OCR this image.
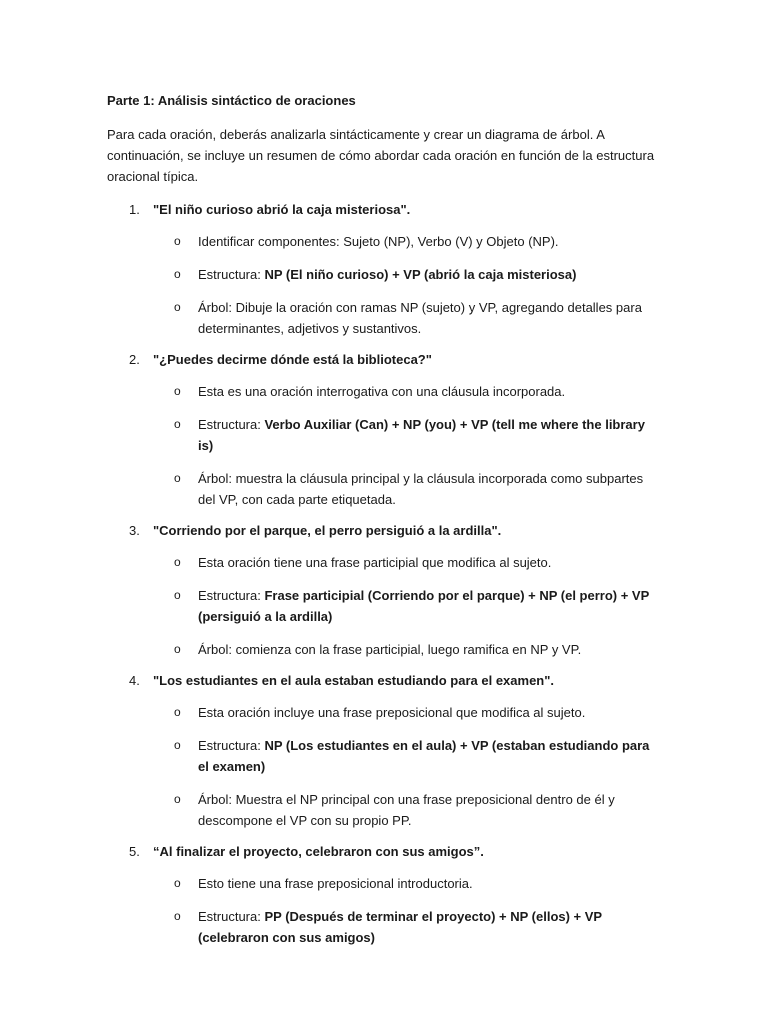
Parte 1: Análisis sintáctico de oraciones
Para cada oración, deberás analizarla sintácticamente y crear un diagrama de árbol. A continuación, se incluye un resumen de cómo abordar cada oración en función de la estructura oracional típica.
1.	"El niño curioso abrió la caja misteriosa".
o	Identificar componentes: Sujeto (NP), Verbo (V) y Objeto (NP).
o	Estructura: NP (El niño curioso) + VP (abrió la caja misteriosa)
o	Árbol: Dibuje la oración con ramas NP (sujeto) y VP, agregando detalles para determinantes, adjetivos y sustantivos.
2.	"¿Puedes decirme dónde está la biblioteca?"
o	Esta es una oración interrogativa con una cláusula incorporada.
o	Estructura: Verbo Auxiliar (Can) + NP (you) + VP (tell me where the library is)
o	Árbol: muestra la cláusula principal y la cláusula incorporada como subpartes del VP, con cada parte etiquetada.
3.	"Corriendo por el parque, el perro persiguió a la ardilla".
o	Esta oración tiene una frase participial que modifica al sujeto.
o	Estructura: Frase participial (Corriendo por el parque) + NP (el perro) + VP (persiguió a la ardilla)
o	Árbol: comienza con la frase participial, luego ramifica en NP y VP.
4.	"Los estudiantes en el aula estaban estudiando para el examen".
o	Esta oración incluye una frase preposicional que modifica al sujeto.
o	Estructura: NP (Los estudiantes en el aula) + VP (estaban estudiando para el examen)
o	Árbol: Muestra el NP principal con una frase preposicional dentro de él y descompone el VP con su propio PP.
5.	“Al finalizar el proyecto, celebraron con sus amigos”.
o	Esto tiene una frase preposicional introductoria.
o	Estructura: PP (Después de terminar el proyecto) + NP (ellos) + VP (celebraron con sus amigos)
